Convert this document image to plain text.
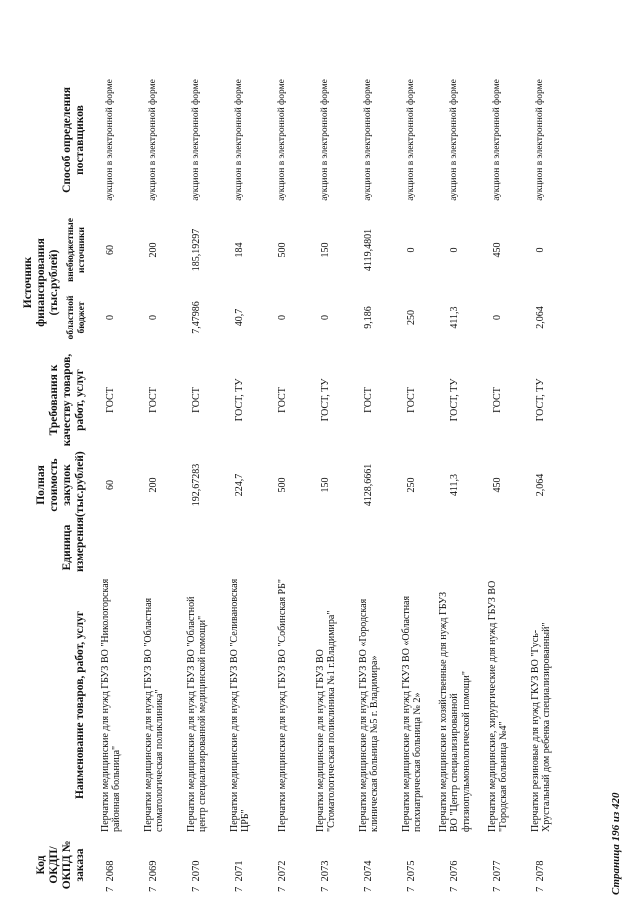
Код ОКДП/ ОКПД № заказа	Наименование товаров, работ, услуг	Единица измерения	Полная стоимость закупок (тыс.рублей)	Требования к качеству товаров, работ, услуг	Источник финансирования (тыс.рублей)		Способ определения поставщиков
					областной бюджет	внебюджетные источники	
7  2068	Перчатки медицинские для нужд ГБУЗ ВО "Никологорская районная больница"		60	ГОСТ	0	60	аукцион в электронной форме
7  2069	Перчатки медицинские для нужд ГБУЗ ВО "Областная стоматологическая поликлиника"		200	ГОСТ	0	200	аукцион в электронной форме
7  2070	Перчатки медицинские для нужд ГБУЗ ВО "Областной центр специализированной медицинской помощи"		192,67283	ГОСТ	7,47986	185,19297	аукцион в электронной форме
7  2071	Перчатки медицинские для нужд ГБУЗ ВО "Селивановская ЦРБ"		224,7	ГОСТ, ТУ	40,7	184	аукцион в электронной форме
7  2072	Перчатки медицинские для нужд ГБУЗ ВО "Собинская РБ"		500	ГОСТ	0	500	аукцион в электронной форме
7  2073	Перчатки медицинские для нужд ГБУЗ ВО "Стоматологическая поликлиника №1 г.Владимира"		150	ГОСТ, ТУ	0	150	аукцион в электронной форме
7  2074	Перчатки медицинские для нужд ГБУЗ ВО «Городская клиническая больница №5 г. Владимира»		4128,6661	ГОСТ	9,186	4119,4801	аукцион в электронной форме
7  2075	Перчатки медицинские для нужд ГКУЗ ВО «Областная психиатрическая больница № 2»		250	ГОСТ	250	0	аукцион в электронной форме
7  2076	Перчатки медицинские и хозяйственные для нужд ГБУЗ ВО "Центр специализированной фтизиопульмонологической помощи"		411,3	ГОСТ, ТУ	411,3	0	аукцион в электронной форме
7  2077	Перчатки медицинские, хирургические для нужд ГБУЗ ВО "Городская больница №4"		450	ГОСТ	0	450	аукцион в электронной форме
7  2078	Перчатки резиновые для нужд ГКУЗ ВО "Гусь-Хрустальный дом ребенка специализированный"		2,064	ГОСТ, ТУ	2,064	0	аукцион в электронной форме
Страница 196 из 420
